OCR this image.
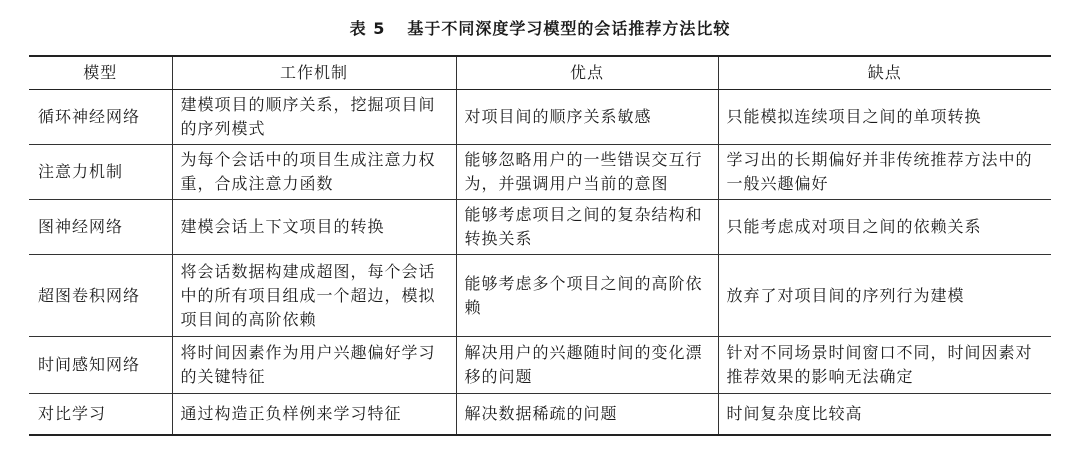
表 5 基于不同深度学习模型的会话推荐方法比较
模型	工作机制	优点	缺点
循环神经网络	建模项目的顺序关系，挖掘项目间的序列模式	对项目间的顺序关系敏感	只能模拟连续项目之间的单项转换
注意力机制	为每个会话中的项目生成注意力权重，合成注意力函数	能够忽略用户的一些错误交互行为，并强调用户当前的意图	学习出的长期偏好并非传统推荐方法中的一般兴趣偏好
图神经网络	建模会话上下文项目的转换	能够考虑项目之间的复杂结构和转换关系	只能考虑成对项目之间的依赖关系
超图卷积网络	将会话数据构建成超图，每个会话中的所有项目组成一个超边，模拟项目间的高阶依赖	能够考虑多个项目之间的高阶依赖	放弃了对项目间的序列行为建模
时间感知网络	将时间因素作为用户兴趣偏好学习的关键特征	解决用户的兴趣随时间的变化漂移的问题	针对不同场景时间窗口不同，时间因素对推荐效果的影响无法确定
对比学习	通过构造正负样例来学习特征	解决数据稀疏的问题	时间复杂度比较高
